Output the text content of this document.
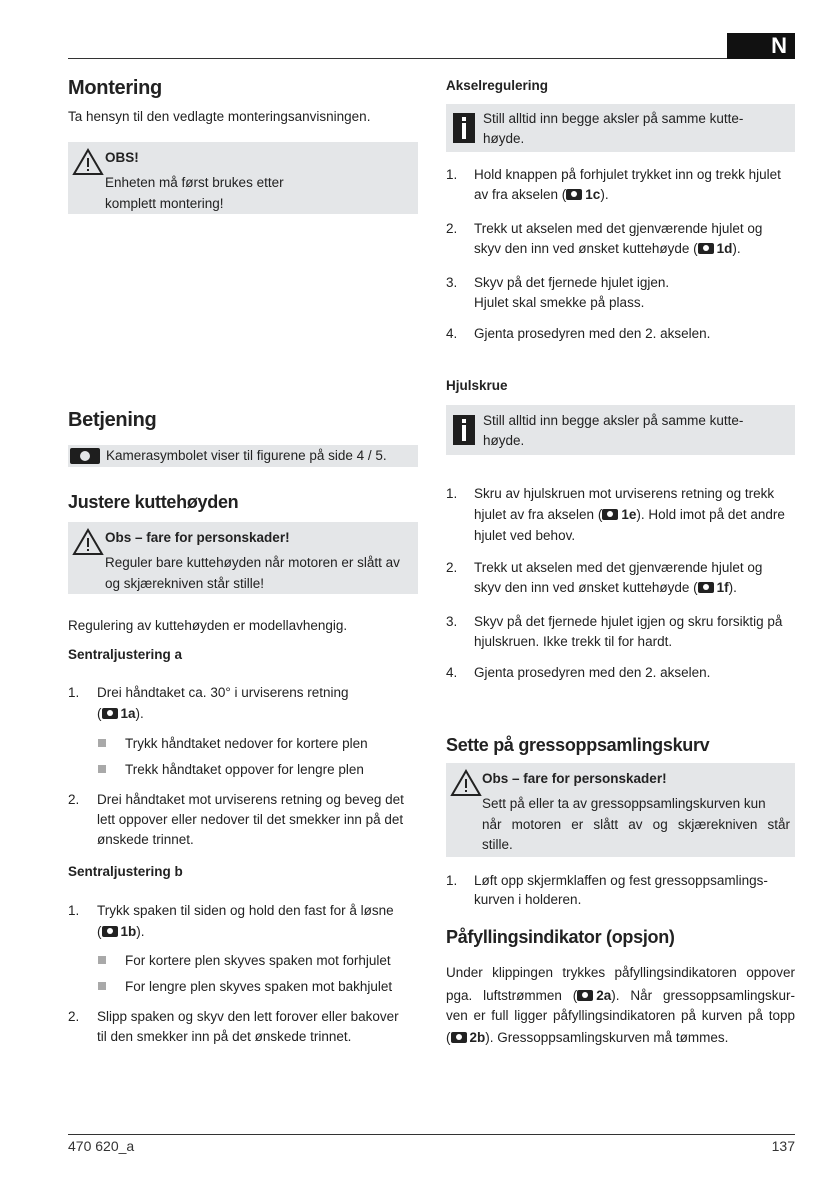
N
Montering
Ta hensyn til den vedlagte monteringsanvisningen.
OBS!
Enheten må først brukes etter
komplett montering!
Betjening
Kamerasymbolet viser til figurene på side 4 / 5.
Justere kuttehøyden
Obs – fare for personskader!
Reguler bare kuttehøyden når motoren er slått av
og skjærekniven står stille!
Regulering av kuttehøyden er modellavhengig.
Sentraljustering a
1. Drei håndtaket ca. 30° i urviserens retning
( 1a).
Trykk håndtaket nedover for kortere plen
Trekk håndtaket oppover for lengre plen
2. Drei håndtaket mot urviserens retning og beveg det
lett oppover eller nedover til det smekker inn på det
ønskede trinnet.
Sentraljustering b
1. Trykk spaken til siden og hold den fast for å løsne
( 1b).
For kortere plen skyves spaken mot forhjulet
For lengre plen skyves spaken mot bakhjulet
2. Slipp spaken og skyv den lett forover eller bakover
til den smekker inn på det ønskede trinnet.
Akselregulering
Still alltid inn begge aksler på samme kutte-
høyde.
1. Hold knappen på forhjulet trykket inn og trekk hjulet
av fra akselen ( 1c).
2. Trekk ut akselen med det gjenværende hjulet og
skyv den inn ved ønsket kuttehøyde ( 1d).
3. Skyv på det fjernede hjulet igjen.
Hjulet skal smekke på plass.
4. Gjenta prosedyren med den 2. akselen.
Hjulskrue
Still alltid inn begge aksler på samme kutte-
høyde.
1. Skru av hjulskruen mot urviserens retning og trekk
hjulet av fra akselen ( 1e). Hold imot på det andre
hjulet ved behov.
2. Trekk ut akselen med det gjenværende hjulet og
skyv den inn ved ønsket kuttehøyde ( 1f).
3. Skyv på det fjernede hjulet igjen og skru forsiktig på
hjulskruen. Ikke trekk til for hardt.
4. Gjenta prosedyren med den 2. akselen.
Sette på gressoppsamlingskurv
Obs – fare for personskader!
Sett på eller ta av gressoppsamlingskurven kun
når motoren er slått av og skjærekniven står
stille.
1. Løft opp skjermklaffen og fest gressoppsamlings-
kurven i holderen.
Påfyllingsindikator (opsjon)
Under klippingen trykkes påfyllingsindikatoren oppover
pga. luftstrømmen ( 2a). Når gressoppsamlingskur-
ven er full ligger påfyllingsindikatoren på kurven på topp
( 2b). Gressoppsamlingskurven må tømmes.
470 620_a	137
